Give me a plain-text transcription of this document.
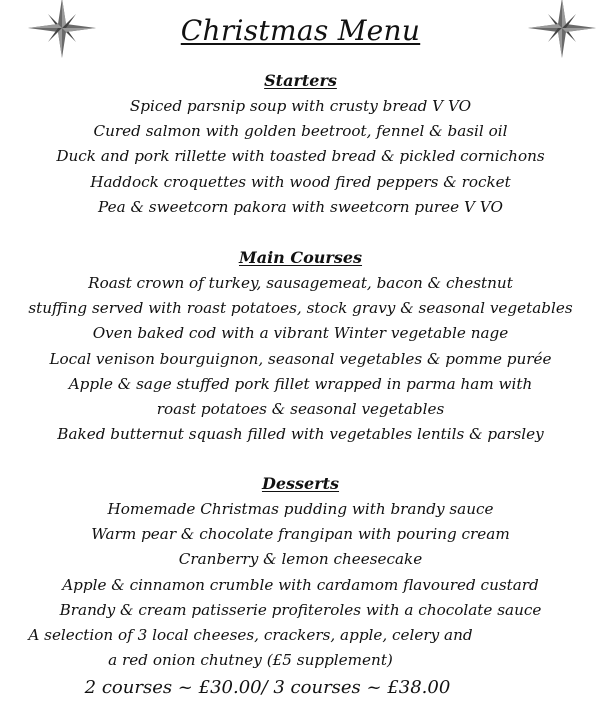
Christmas Menu
Starters
Spiced parsnip soup with crusty bread V VO
Cured salmon with golden beetroot, fennel & basil oil
Duck and pork rillette with toasted bread & pickled cornichons
Haddock croquettes with wood fired peppers & rocket
Pea & sweetcorn pakora with sweetcorn puree V VO
Main Courses
Roast crown of turkey, sausagemeat, bacon & chestnut
stuffing served with roast potatoes, stock gravy & seasonal vegetables
Oven baked cod with a vibrant Winter vegetable nage
Local venison bourguignon, seasonal vegetables & pomme purée
Apple & sage stuffed pork fillet wrapped in parma ham with
roast potatoes & seasonal vegetables
Baked butternut squash filled with vegetables lentils & parsley
Desserts
Homemade Christmas pudding with brandy sauce
Warm pear & chocolate frangipan with pouring cream
Cranberry & lemon cheesecake
Apple & cinnamon crumble with cardamom flavoured custard
Brandy & cream patisserie profiteroles with a chocolate sauce
A selection of 3 local cheeses, crackers, apple, celery and
a red onion chutney (£5 supplement)
2 courses ~ £30.00/ 3 courses ~ £38.00
